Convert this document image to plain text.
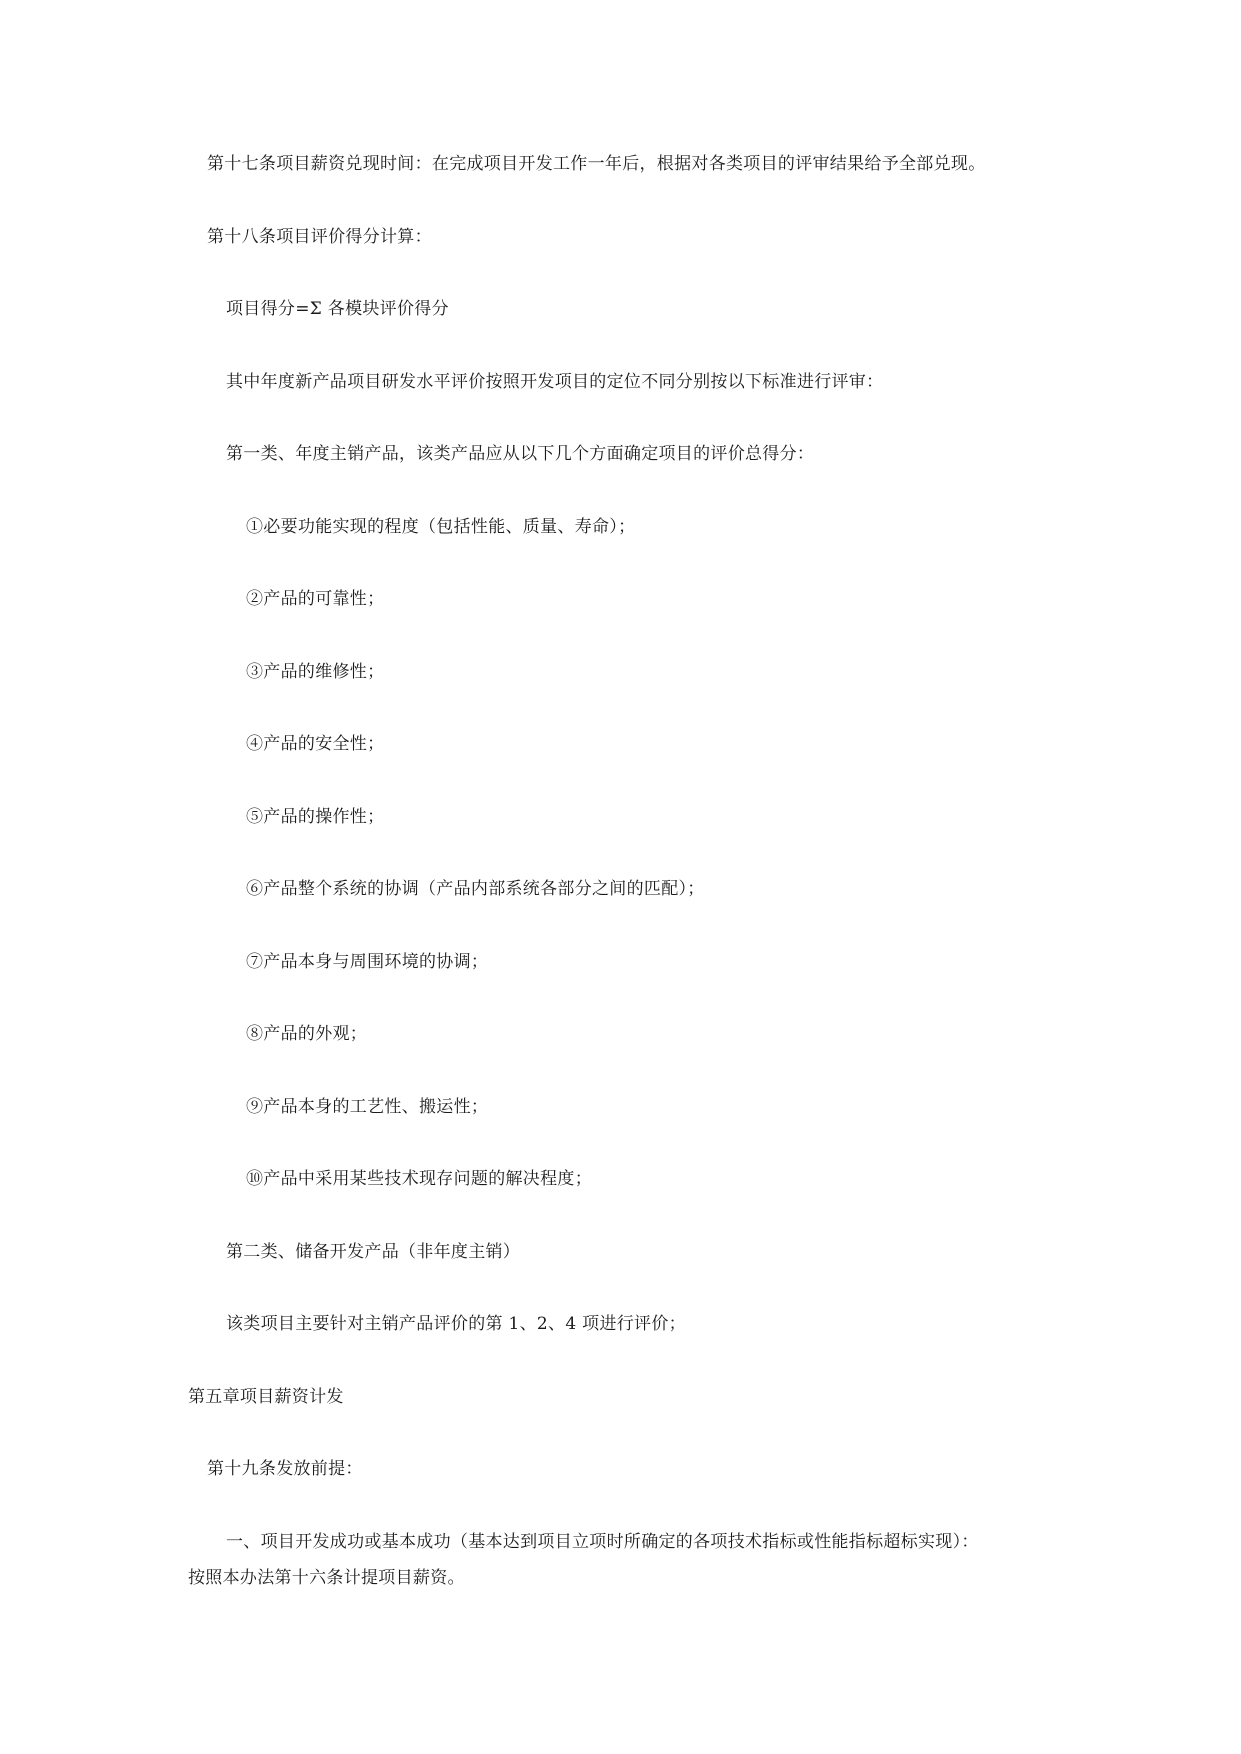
第十七条项目薪资兑现时间：在完成项目开发工作一年后，根据对各类项目的评审结果给予全部兑现。
第十八条项目评价得分计算：
项目得分=Σ 各模块评价得分
其中年度新产品项目研发水平评价按照开发项目的定位不同分别按以下标准进行评审：
第一类、年度主销产品，该类产品应从以下几个方面确定项目的评价总得分：
①必要功能实现的程度（包括性能、质量、寿命）；
②产品的可靠性；
③产品的维修性；
④产品的安全性；
⑤产品的操作性；
⑥产品整个系统的协调（产品内部系统各部分之间的匹配）；
⑦产品本身与周围环境的协调；
⑧产品的外观；
⑨产品本身的工艺性、搬运性；
⑩产品中采用某些技术现存问题的解决程度；
第二类、储备开发产品（非年度主销）
该类项目主要针对主销产品评价的第 1、2、4 项进行评价；
第五章项目薪资计发
第十九条发放前提：
一、项目开发成功或基本成功（基本达到项目立项时所确定的各项技术指标或性能指标超标实现）：
按照本办法第十六条计提项目薪资。
